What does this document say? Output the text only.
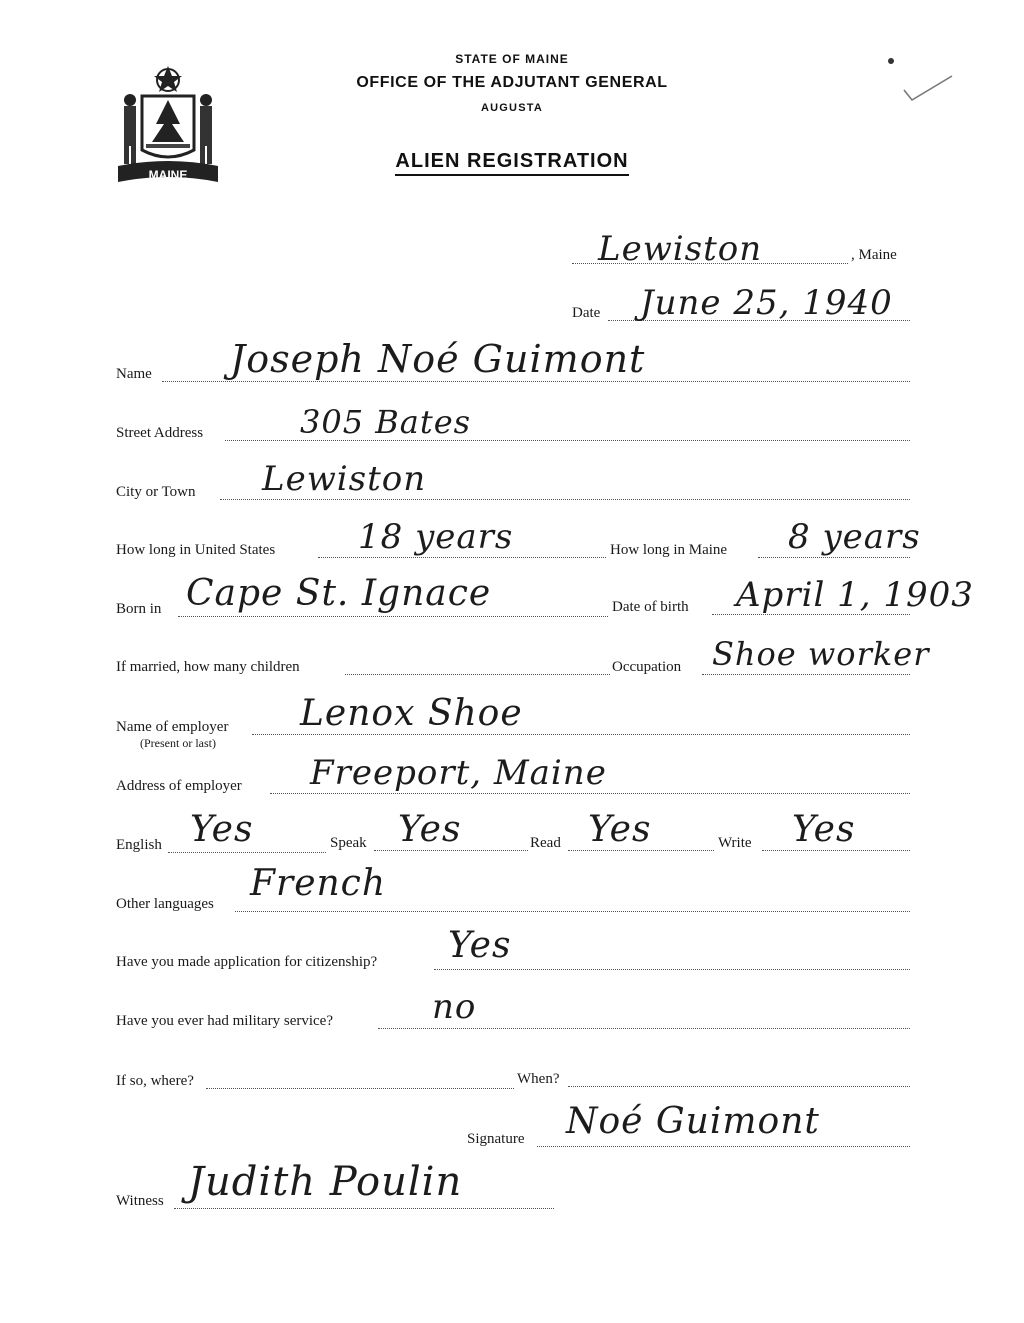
STATE OF MAINE
OFFICE OF THE ADJUTANT GENERAL
AUGUSTA
ALIEN REGISTRATION
MAINE
Lewiston	, Maine
Date June 25, 1940
Name Joseph Noé Guimont
Street Address	305 Bates
City or Town Lewiston
How long in United States 18 years	How long in Maine 8 years
Born in Cape St. Ignace	Date of birth April 1, 1903
If married, how many children	Occupation Shoe worker
Name of employer
(Present or last)
Lenox Shoe
Address of employer Freeport, Maine
English Yes	Speak Yes	Read Yes	Write Yes
Other languages French
Have you made application for citizenship? Yes
Have you ever had military service?	no
If so, where?	When?
Signature Noé Guimont
Witness Judith Poulin
